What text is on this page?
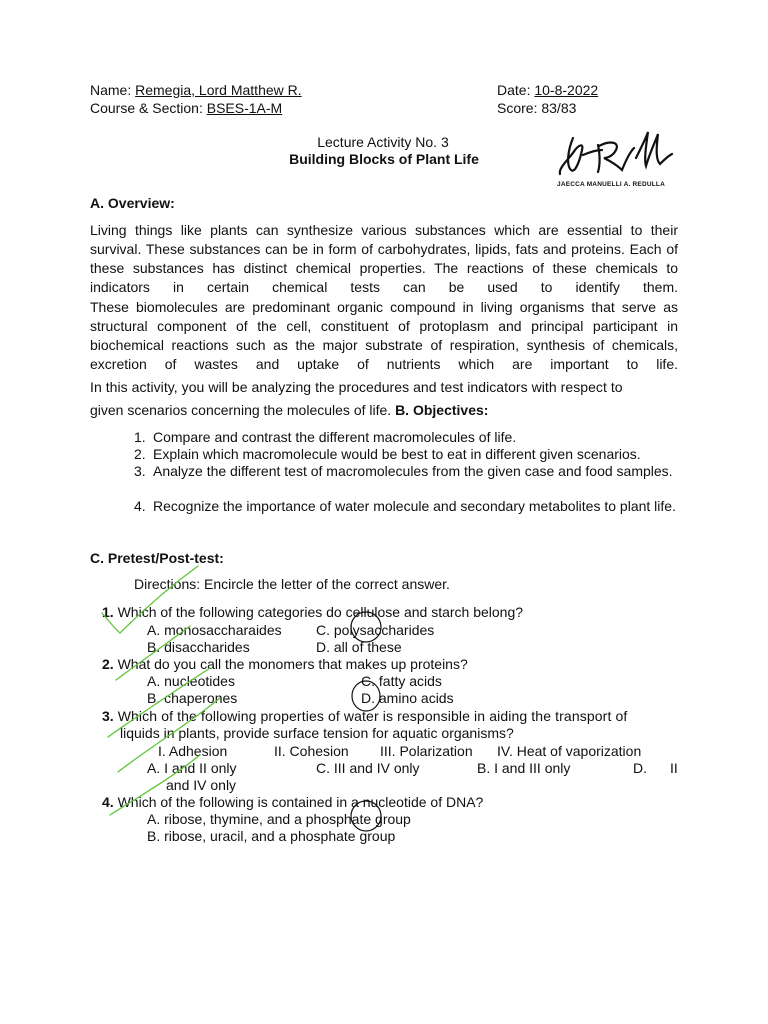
Name: Remegia, Lord Matthew R.	Date: 10-8-2022
Course & Section: BSES-1A-M	Score: 83/83
Lecture Activity No. 3
Building Blocks of Plant Life
JAECCA MANUELLI A. REDULLA
A. Overview:

Living things like plants can synthesize various substances which are essential to their survival. These substances can be in form of carbohydrates, lipids, fats and proteins. Each of these substances has distinct chemical properties. The reactions of these chemicals to indicators in certain chemical tests can be used to identify them.

These biomolecules are predominant organic compound in living organisms that serve as structural component of the cell, constituent of protoplasm and principal participant in biochemical reactions such as the major substrate of respiration, synthesis of chemicals, excretion of wastes and uptake of nutrients which are important to life.

In this activity, you will be analyzing the procedures and test indicators with respect to
given scenarios concerning the molecules of life. B. Objectives:
1. Compare and contrast the different macromolecules of life.
2. Explain which macromolecule would be best to eat in different given scenarios.
3. Analyze the different test of macromolecules from the given case and food samples.
4. Recognize the importance of water molecule and secondary metabolites to plant life.
C. Pretest/Post-test:
Directions: Encircle the letter of the correct answer.
1. Which of the following categories do cellulose and starch belong?
A. monosaccharaides C. polysaccharides
B. disaccharides	D. all of these
2. What do you call the monomers that makes up proteins?
A. nucleotides	C. fatty acids
B. chaperones	D. amino acids
3. Which of the following properties of water is responsible in aiding the transport of
liquids in plants, provide surface tension for aquatic organisms?
I. Adhesion	II. Cohesion III. Polarization IV. Heat of vaporization
A. I and II only	C. III and IV only	B. I and III only	D. II
and IV only
4. Which of the following is contained in a nucleotide of DNA?
A. ribose, thymine, and a phosphate group
B. ribose, uracil, and a phosphate group
